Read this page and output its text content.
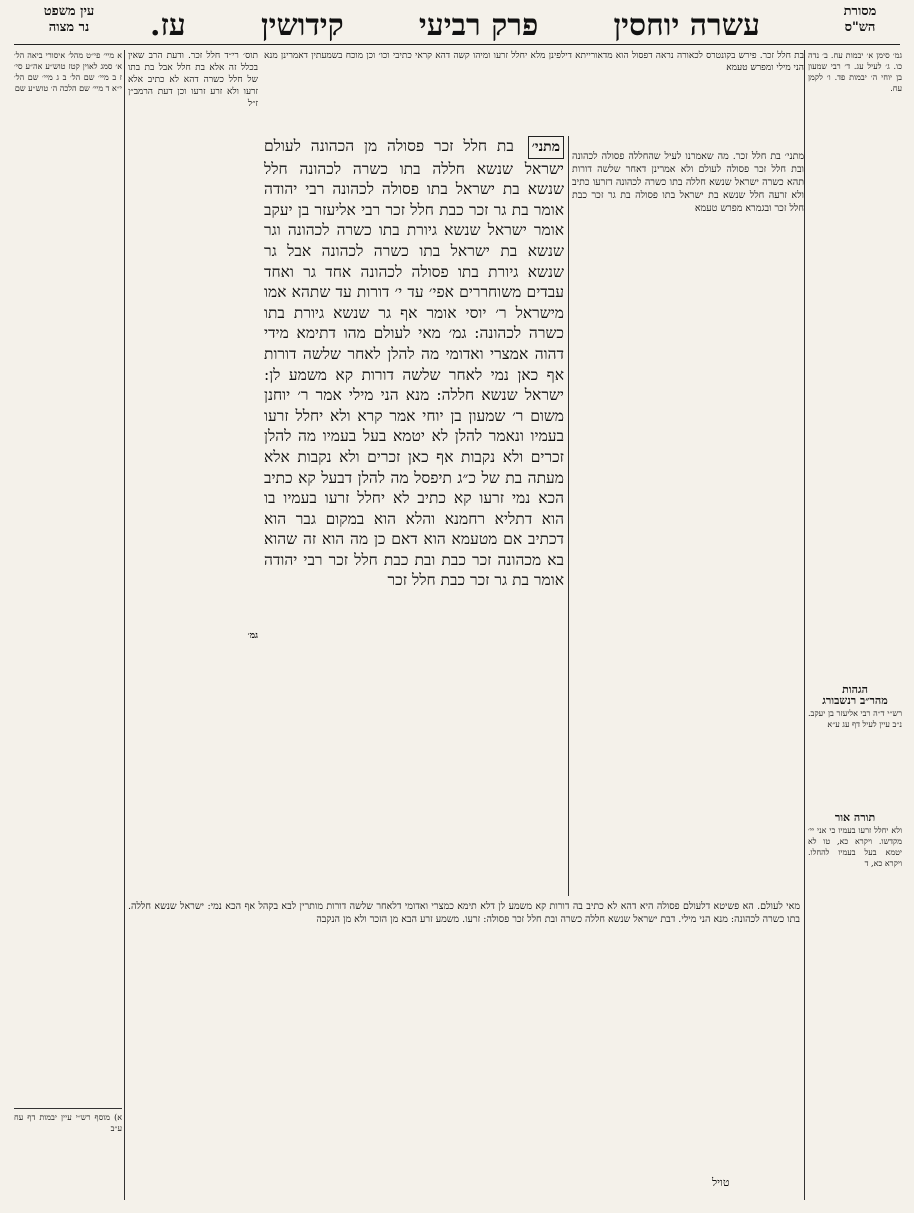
מסורת
הש"ס
עשרה יוחסין
פרק רביעי
קידושין
עז.
עין משפט
נר מצוה
גמ׳ סימן א׳ יבמות עח. ב׳ נדה כו. ג׳ לעיל עג. ד׳ רבי שמעון בן יוחי ה׳ יבמות פד. ו׳ לקמן עח.
הגהות
מהר״ב רנשבורג
רש״י ד״ה רבי אליעזר בן יעקב. נ״ב עיין לעיל דף עג ע״א
תורה אור
ולא יחלל זרעו בעמיו כי אני יי׳ מקדשו. ויקרא כא, טו לא יטמא בעל בעמיו להחלו. ויקרא כא, ד
א מיי׳ פי״ט מהל׳ איסורי ביאה הל׳ א׳ סמג לאוין קטז טוש״ע אה״ע סי׳ ז ב מיי׳ שם הל׳ ב ג מיי׳ שם הל׳ י״א ד מיי׳ שם הלכה ה׳ טוש״ע שם
תוס׳ רי״ד חלל זכר. ודעת הרב שאין בכלל זה אלא בת חלל אבל בת בתו של חלל כשרה דהא לא כתיב אלא זרעו ולא זרע זרעו וכן דעת הרמב״ן ז״ל
מתני׳ בת חלל זכר. מה שאמרנו לעיל שהחללה פסולה לכהונה ובת חלל זכר פסולה לעולם ולא אמרינן דאחר שלשה דורות תהא כשרה ישראל שנשא חללה בתו כשרה לכהונה דזרעו כתיב ולא זרעה חלל שנשא בת ישראל בתו פסולה בת גר זכר כבת חלל זכר ובגמרא מפרש טעמא
בת חלל זכר. פירש בקונטרס לכאורה נראה דפסול הוא מדאורייתא דילפינן מלא יחלל זרעו ומיהו קשה דהא קראי כתיבי וכו׳ וכן מוכח בשמעתין דאמרינן מנא הני מילי ומפרש טעמא
מתני׳ בת חלל זכר פסולה מן הכהונה לעולם ישראל שנשא חללה בתו כשרה לכהונה חלל שנשא בת ישראל בתו פסולה לכהונה רבי יהודה אומר בת גר זכר כבת חלל זכר רבי אליעזר בן יעקב אומר ישראל שנשא גיורת בתו כשרה לכהונה וגר שנשא בת ישראל בתו כשרה לכהונה אבל גר שנשא גיורת בתו פסולה לכהונה אחד גר ואחד עבדים משוחררים אפי׳ עד י׳ דורות עד שתהא אמו מישראל ר׳ יוסי אומר אף גר שנשא גיורת בתו כשרה לכהונה: גמ׳ מאי לעולם מהו דתימא מידי דהוה אמצרי ואדומי מה להלן לאחר שלשה דורות אף כאן נמי לאחר שלשה דורות קא משמע לן: ישראל שנשא חללה: מנא הני מילי אמר ר׳ יוחנן משום ר׳ שמעון בן יוחי אמר קרא ולא יחלל זרעו בעמיו ונאמר להלן לא יטמא בעל בעמיו מה להלן זכרים ולא נקבות אף כאן זכרים ולא נקבות אלא מעתה בת של כ״ג תיפסל מה להלן דבעל קא כתיב הכא נמי זרעו קא כתיב לא יחלל זרעו בעמיו בו הוא דתליא רחמנא והלא הוא במקום גבר הוא דכתיב אם מטעמא הוא דאם כן מה הוא זה שהוא בא מכהונה זכר כבת ובת כבת חלל זכר רבי יהודה אומר בת גר זכר כבת חלל זכר
גמ׳
מאי לעולם. הא פשיטא דלעולם פסולה היא דהא לא כתיב בה דורות קא משמע לן דלא תימא כמצרי ואדומי דלאחר שלשה דורות מותרין לבא בקהל אף הכא נמי: ישראל שנשא חללה. בתו כשרה לכהונה: מנא הני מילי. דבת ישראל שנשא חללה כשרה ובת חלל זכר פסולה: זרעו. משמע זרע הבא מן הזכר ולא מן הנקבה
א) מוסף רש״י עיין יבמות דף עח ע״ב
טויל
